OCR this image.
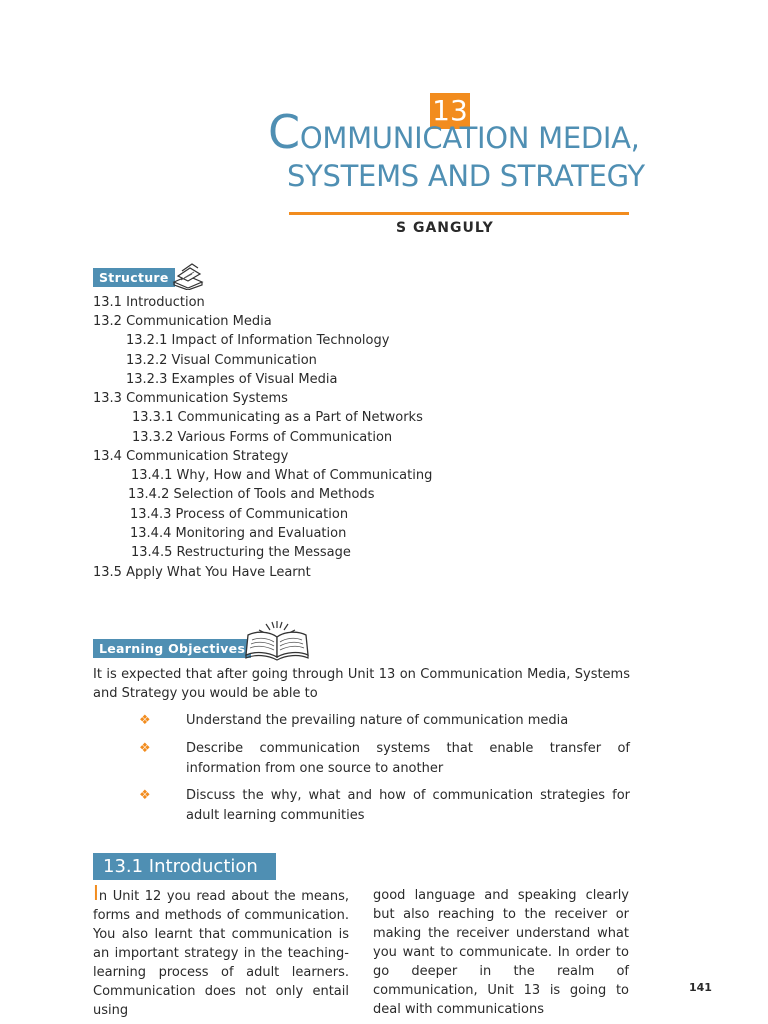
13
COMMUNICATION MEDIA,
SYSTEMS AND STRATEGY
S GANGULY
Structure
13.1 Introduction
13.2 Communication Media
13.2.1 Impact of Information Technology
13.2.2 Visual Communication
13.2.3 Examples of Visual Media
13.3 Communication Systems
13.3.1 Communicating as a Part of Networks
13.3.2 Various Forms of Communication
13.4 Communication Strategy
13.4.1 Why, How and What of Communicating
13.4.2 Selection of Tools and Methods
13.4.3 Process of Communication
13.4.4 Monitoring and Evaluation
13.4.5 Restructuring the Message
13.5 Apply What You Have Learnt
Learning Objectives
It is expected that after going through Unit 13 on Communication Media, Systems and Strategy you would be able to
❖	Understand the prevailing nature of communication media
❖	Describe communication systems that enable transfer of information from one source to another
❖	Discuss the why, what and how of communication strategies for adult learning communities
13.1 Introduction
In Unit 12 you read about the means, forms and methods of communication. You also learnt that communication is an important strategy in the teaching-learning process of adult learners. Communication does not only entail using
good language and speaking clearly but also reaching to the receiver or making the receiver understand what you want to communicate. In order to go deeper in the realm of communication, Unit 13 is going to deal with communications
141
